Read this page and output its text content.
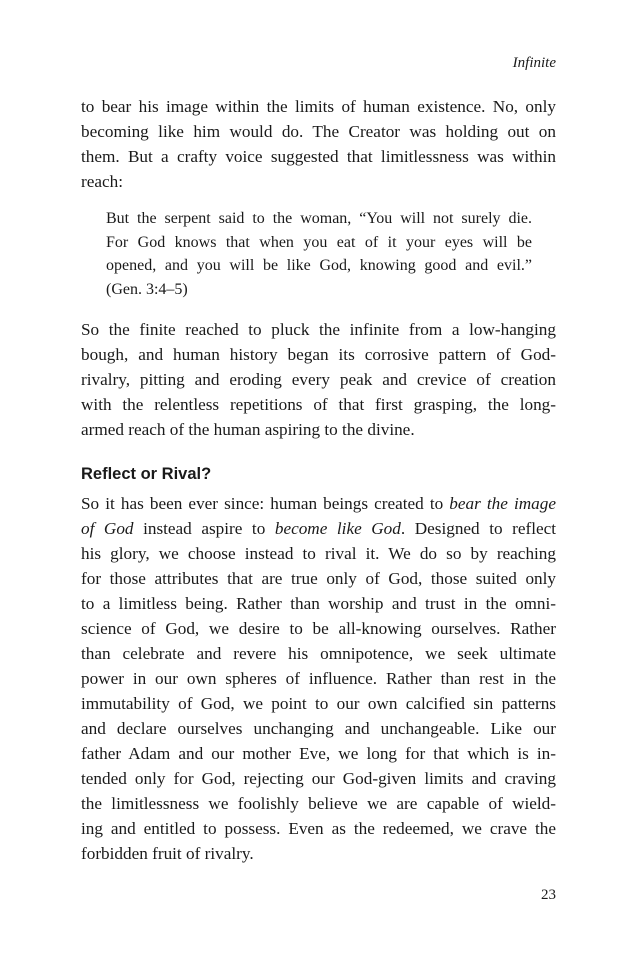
Infinite
to bear his image within the limits of human existence. No, only
becoming like him would do. The Creator was holding out on
them. But a crafty voice suggested that limitlessness was within
reach:
But the serpent said to the woman, “You will not surely die.
For God knows that when you eat of it your eyes will be
opened, and you will be like God, knowing good and evil.”
(Gen. 3:4–5)
So the finite reached to pluck the infinite from a low-hanging
bough, and human history began its corrosive pattern of God-
rivalry, pitting and eroding every peak and crevice of creation
with the relentless repetitions of that first grasping, the long-
armed reach of the human aspiring to the divine.
Reflect or Rival?
So it has been ever since: human beings created to bear the image
of God instead aspire to become like God. Designed to reflect
his glory, we choose instead to rival it. We do so by reaching
for those attributes that are true only of God, those suited only
to a limitless being. Rather than worship and trust in the omni-
science of God, we desire to be all-knowing ourselves. Rather
than celebrate and revere his omnipotence, we seek ultimate
power in our own spheres of influence. Rather than rest in the
immutability of God, we point to our own calcified sin patterns
and declare ourselves unchanging and unchangeable. Like our
father Adam and our mother Eve, we long for that which is in-
tended only for God, rejecting our God-given limits and craving
the limitlessness we foolishly believe we are capable of wield-
ing and entitled to possess. Even as the redeemed, we crave the
forbidden fruit of rivalry.
23
